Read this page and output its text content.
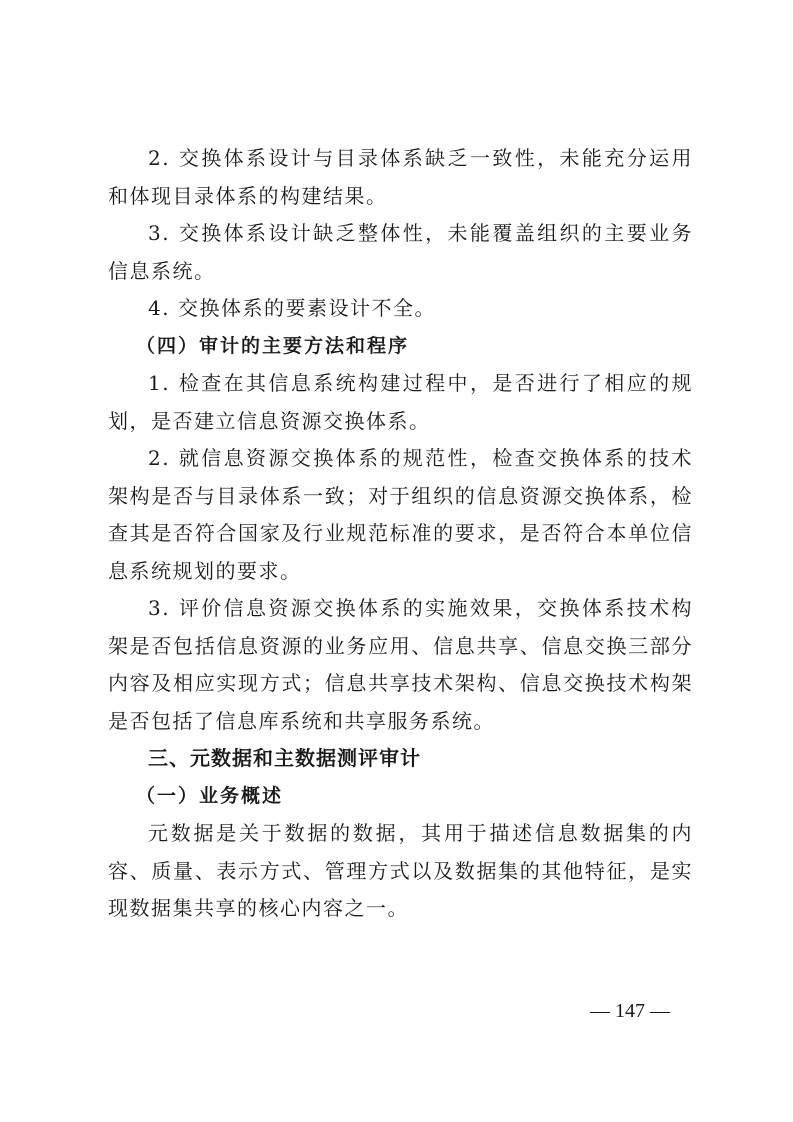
2. 交换体系设计与目录体系缺乏一致性，未能充分运用和体现目录体系的构建结果。

3. 交换体系设计缺乏整体性，未能覆盖组织的主要业务信息系统。

4. 交换体系的要素设计不全。

（四）审计的主要方法和程序

1. 检查在其信息系统构建过程中，是否进行了相应的规划，是否建立信息资源交换体系。

2. 就信息资源交换体系的规范性，检查交换体系的技术架构是否与目录体系一致；对于组织的信息资源交换体系，检查其是否符合国家及行业规范标准的要求，是否符合本单位信息系统规划的要求。

3. 评价信息资源交换体系的实施效果，交换体系技术构架是否包括信息资源的业务应用、信息共享、信息交换三部分内容及相应实现方式；信息共享技术架构、信息交换技术构架是否包括了信息库系统和共享服务系统。

三、元数据和主数据测评审计

（一）业务概述

元数据是关于数据的数据，其用于描述信息数据集的内容、质量、表示方式、管理方式以及数据集的其他特征，是实现数据集共享的核心内容之一。

— 147 —
